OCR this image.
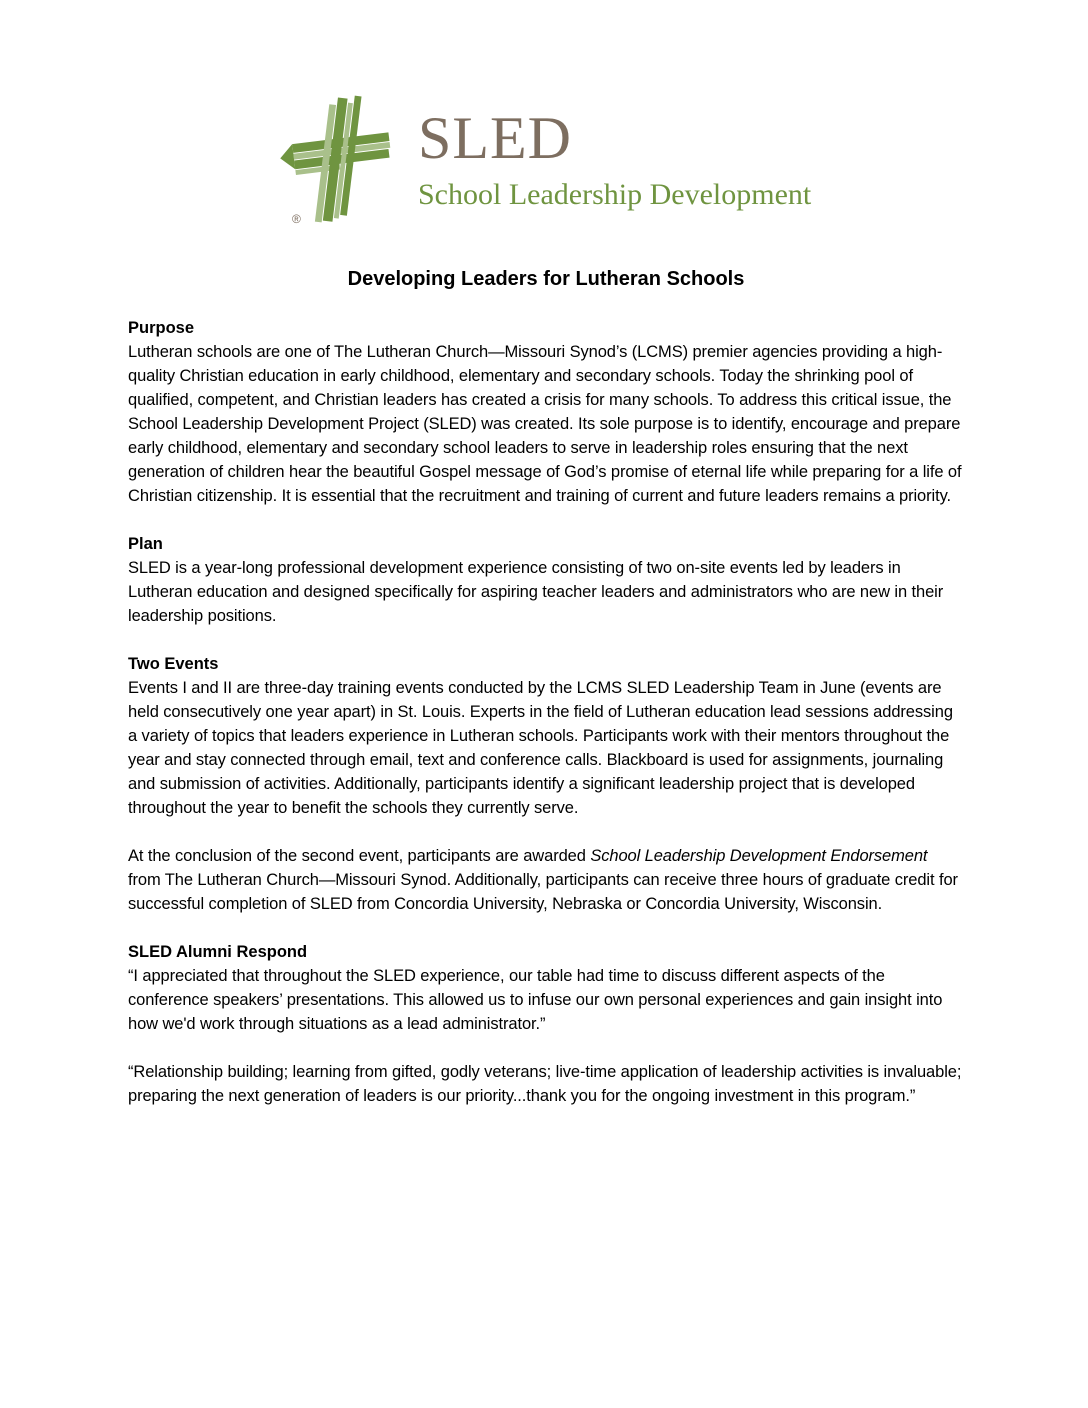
®
SLED
School Leadership Development
Developing Leaders for Lutheran Schools
Purpose

Lutheran schools are one of The Lutheran Church—Missouri Synod’s (LCMS) premier agencies providing a high-quality Christian education in early childhood, elementary and secondary schools. Today the shrinking pool of qualified, competent, and Christian leaders has created a crisis for many schools. To address this critical issue, the School Leadership Development Project (SLED) was created. Its sole purpose is to identify, encourage and prepare early childhood, elementary and secondary school leaders to serve in leadership roles ensuring that the next generation of children hear the beautiful Gospel message of God’s promise of eternal life while preparing for a life of Christian citizenship. It is essential that the recruitment and training of current and future leaders remains a priority.

Plan

SLED is a year-long professional development experience consisting of two on-site events led by leaders in Lutheran education and designed specifically for aspiring teacher leaders and administrators who are new in their leadership positions.

Two Events

Events I and II are three-day training events conducted by the LCMS SLED Leadership Team in June (events are held consecutively one year apart) in St. Louis. Experts in the field of Lutheran education lead sessions addressing a variety of topics that leaders experience in Lutheran schools. Participants work with their mentors throughout the year and stay connected through email, text and conference calls. Blackboard is used for assignments, journaling and submission of activities. Additionally, participants identify a significant leadership project that is developed throughout the year to benefit the schools they currently serve.

At the conclusion of the second event, participants are awarded School Leadership Development Endorsement from The Lutheran Church—Missouri Synod. Additionally, participants can receive three hours of graduate credit for successful completion of SLED from Concordia University, Nebraska or Concordia University, Wisconsin.

SLED Alumni Respond

“I appreciated that throughout the SLED experience, our table had time to discuss different aspects of the conference speakers’ presentations. This allowed us to infuse our own personal experiences and gain insight into how we'd work through situations as a lead administrator.”

“Relationship building; learning from gifted, godly veterans; live-time application of leadership activities is invaluable; preparing the next generation of leaders is our priority...thank you for the ongoing investment in this program.”
